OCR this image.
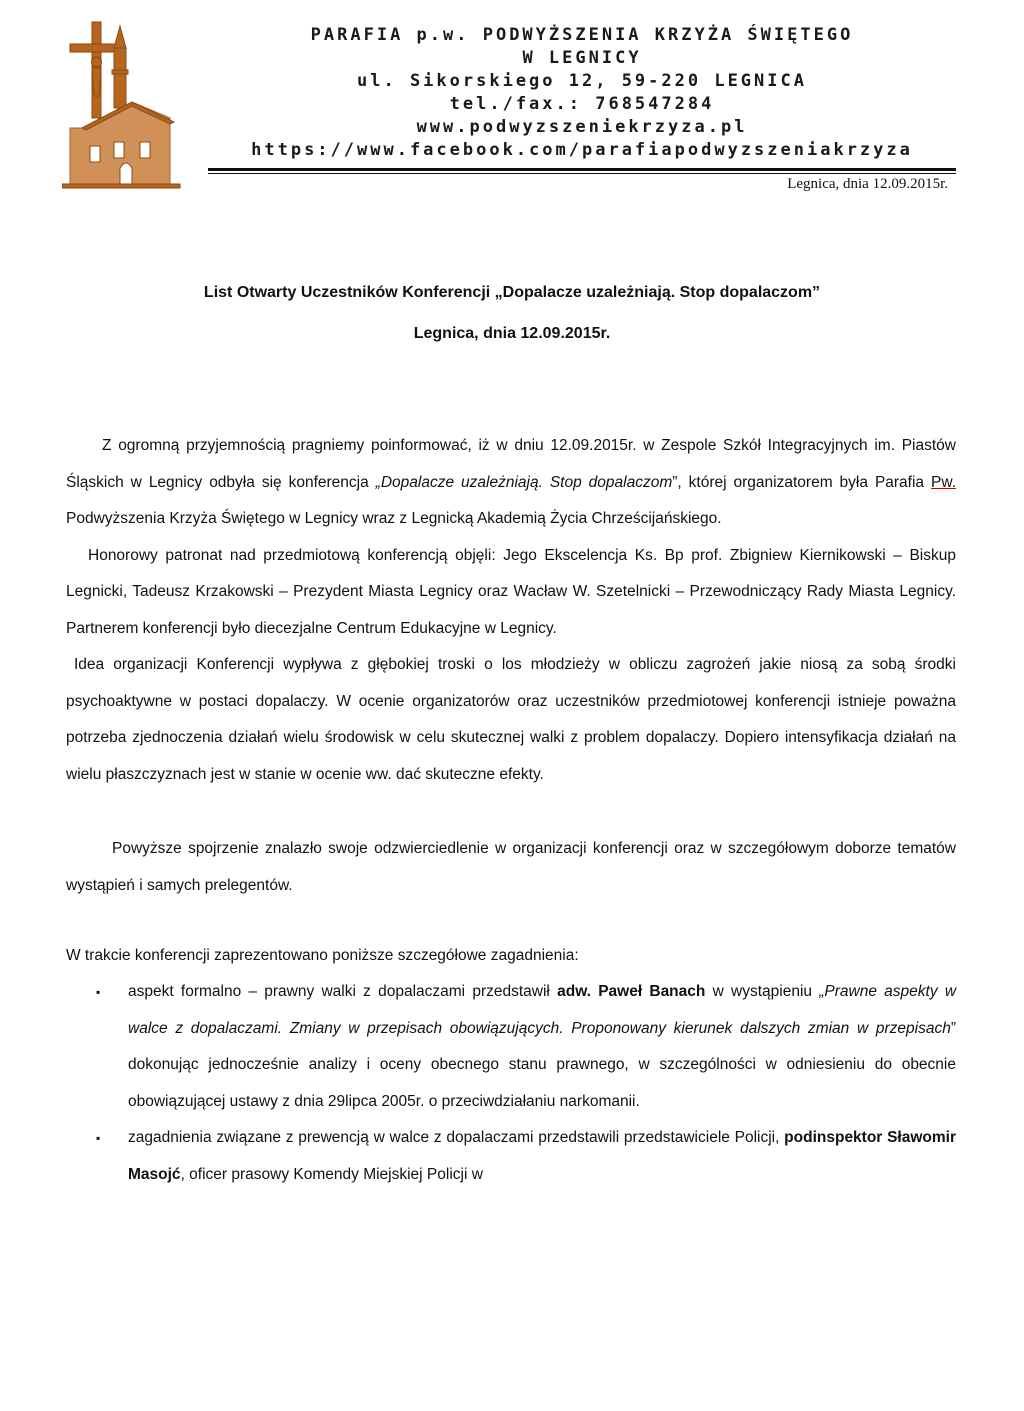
PARAFIA p.w. PODWYŻSZENIA KRZYŻA ŚWIĘTEGO
W LEGNICY
ul. Sikorskiego 12, 59-220 LEGNICA
tel./fax.: 768547284
www.podwyzszeniekrzyza.pl
https://www.facebook.com/parafiapodwyzszeniakrzyza
Legnica, dnia 12.09.2015r.
List Otwarty Uczestników Konferencji „Dopalacze uzależniają. Stop dopalaczom”
Legnica, dnia 12.09.2015r.

Z ogromną przyjemnością pragniemy poinformować, iż w dniu 12.09.2015r. w Zespole Szkół Integracyjnych im. Piastów Śląskich w Legnicy odbyła się konferencja „Dopalacze uzależniają. Stop dopalaczom”, której organizatorem była Parafia Pw. Podwyższenia Krzyża Świętego w Legnicy wraz z Legnicką Akademią Życia Chrześcijańskiego.

Honorowy patronat nad przedmiotową konferencją objęli: Jego Ekscelencja Ks. Bp prof. Zbigniew Kiernikowski – Biskup Legnicki, Tadeusz Krzakowski – Prezydent Miasta Legnicy oraz Wacław W. Szetelnicki – Przewodniczący Rady Miasta Legnicy. Partnerem konferencji było diecezjalne Centrum Edukacyjne w Legnicy.

Idea organizacji Konferencji wypływa z głębokiej troski o los młodzieży w obliczu zagrożeń jakie niosą za sobą środki psychoaktywne w postaci dopalaczy. W ocenie organizatorów oraz uczestników przedmiotowej konferencji istnieje poważna potrzeba zjednoczenia działań wielu środowisk w celu skutecznej walki z problem dopalaczy. Dopiero intensyfikacja działań na wielu płaszczyznach jest w stanie w ocenie ww. dać skuteczne efekty.

Powyższe spojrzenie znalazło swoje odzwierciedlenie w organizacji konferencji oraz w szczegółowym doborze tematów wystąpień i samych prelegentów.

W trakcie konferencji zaprezentowano poniższe szczegółowe zagadnienia:

▪ aspekt formalno – prawny walki z dopalaczami przedstawił adw. Paweł Banach w wystąpieniu „Prawne aspekty w walce z dopalaczami. Zmiany w przepisach obowiązujących. Proponowany kierunek dalszych zmian w przepisach” dokonując jednocześnie analizy i oceny obecnego stanu prawnego, w szczególności w odniesieniu do obecnie obowiązującej ustawy z dnia 29lipca 2005r. o przeciwdziałaniu narkomanii.
▪ zagadnienia związane z prewencją w walce z dopalaczami przedstawili przedstawiciele Policji, podinspektor Sławomir Masojć, oficer prasowy Komendy Miejskiej Policji w
